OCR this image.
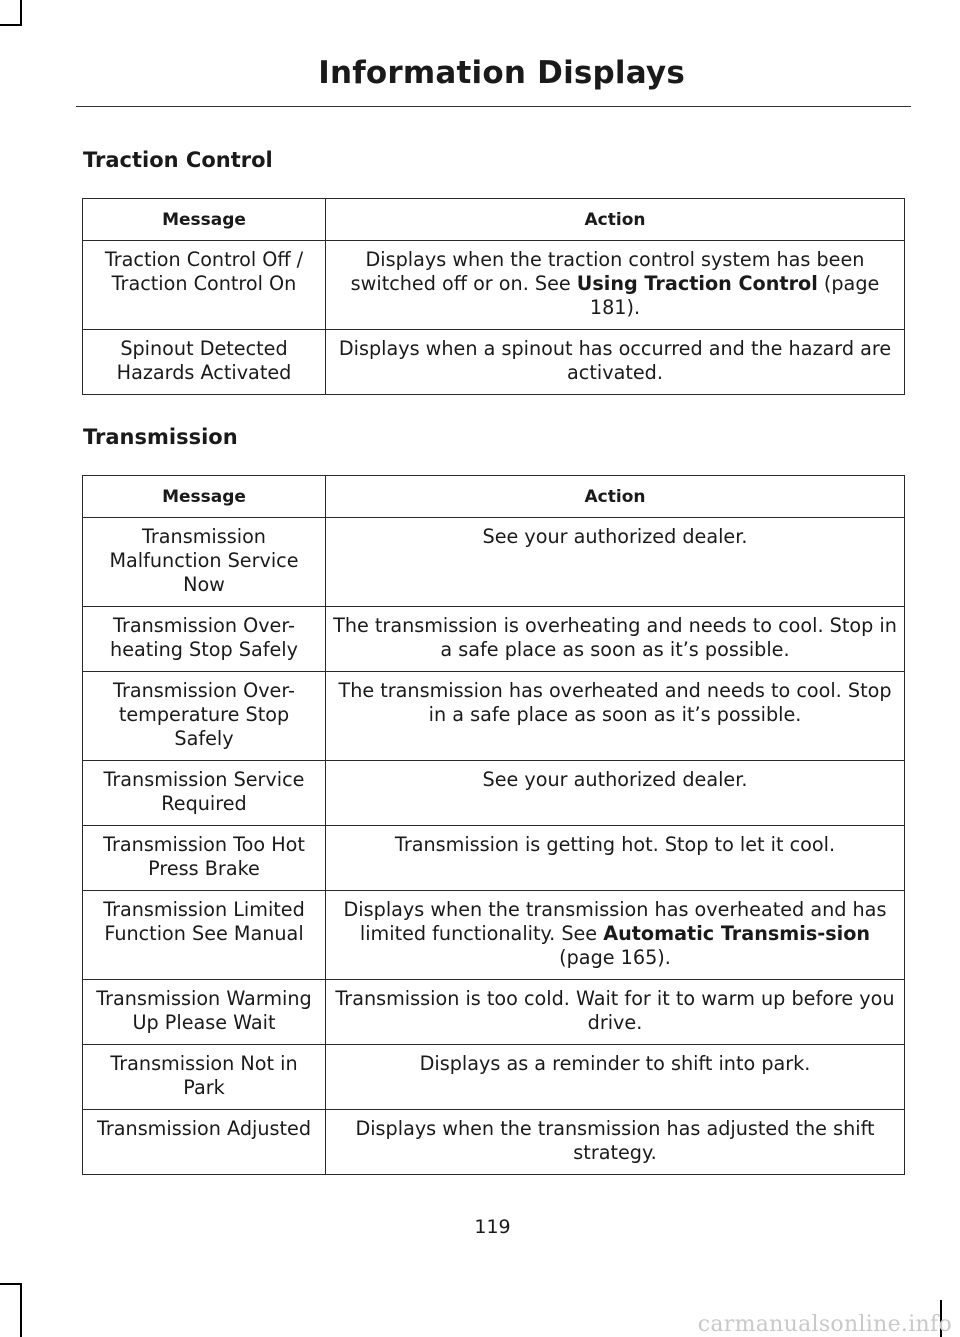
Information Displays
Traction Control
Message	Action
Traction Control Off / Traction Control On	Displays when the traction control system has been switched off or on. See Using Traction Control (page 181).
Spinout Detected Hazards Activated	Displays when a spinout has occurred and the hazard are activated.
Transmission
Message	Action
Transmission Malfunction Service Now	See your authorized dealer.
Transmission Over-heating Stop Safely	The transmission is overheating and needs to cool. Stop in a safe place as soon as it’s possible.
Transmission Over-temperature Stop Safely	The transmission has overheated and needs to cool. Stop in a safe place as soon as it’s possible.
Transmission Service Required	See your authorized dealer.
Transmission Too Hot Press Brake	Transmission is getting hot. Stop to let it cool.
Transmission Limited Function See Manual	Displays when the transmission has overheated and has limited functionality. See Automatic Transmis-sion (page 165).
Transmission Warming Up Please Wait	Transmission is too cold. Wait for it to warm up before you drive.
Transmission Not in Park	Displays as a reminder to shift into park.
Transmission Adjusted	Displays when the transmission has adjusted the shift strategy.
119
carmanualsonline.info
